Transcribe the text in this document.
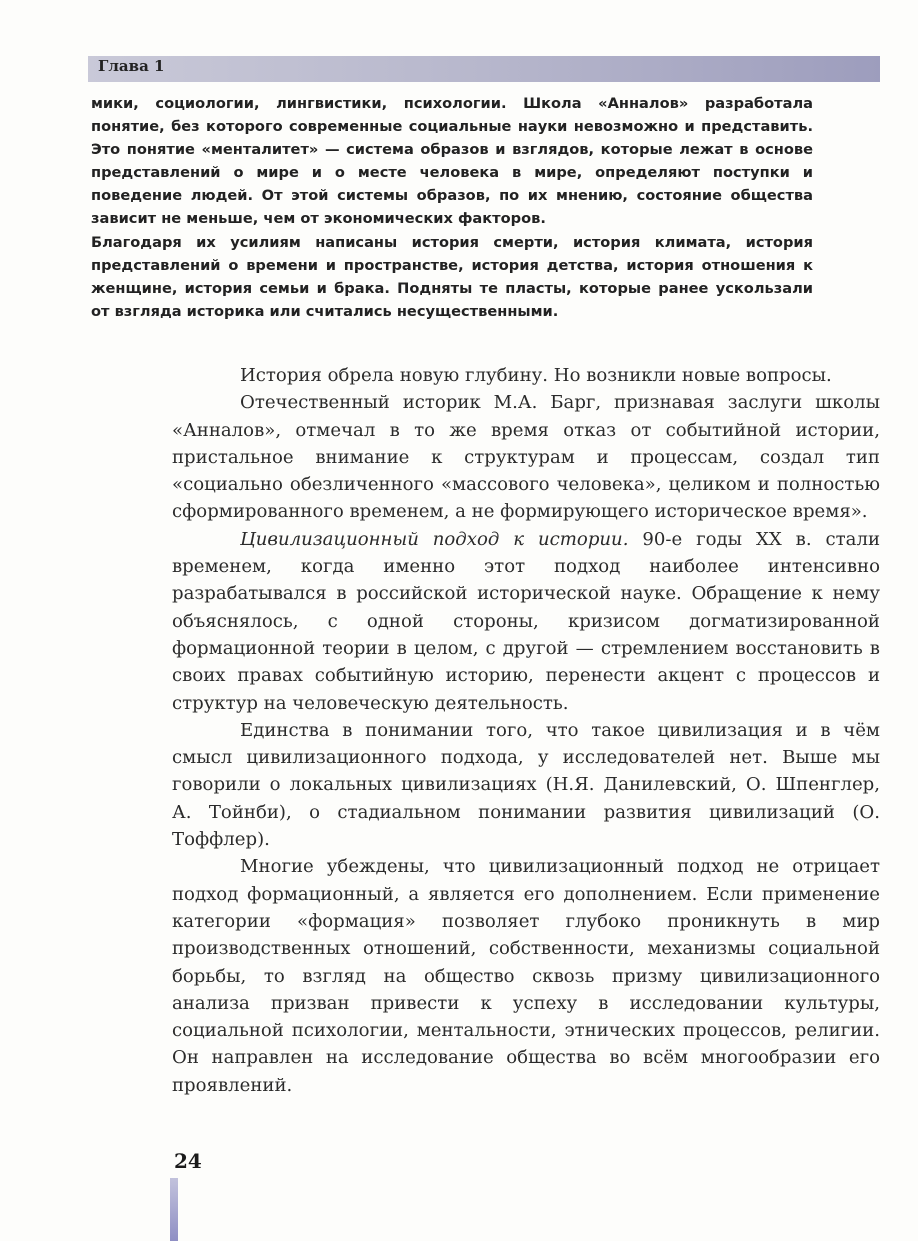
Глава 1

мики, социологии, лингвистики, психологии. Школа «Анналов» разработала понятие, без которого современные социальные науки невозможно и представить. Это понятие «менталитет» — система образов и взглядов, которые лежат в основе представлений о мире и о месте человека в мире, определяют поступки и поведение людей. От этой системы образов, по их мнению, состояние общества зависит не меньше, чем от экономических факторов.

Благодаря их усилиям написаны история смерти, история климата, история представлений о времени и пространстве, история детства, история отношения к женщине, история семьи и брака. Подняты те пласты, которые ранее ускользали от взгляда историка или считались несущественными.

История обрела новую глубину. Но возникли новые вопросы.

Отечественный историк М.А. Барг, признавая заслуги школы «Анналов», отмечал в то же время отказ от событийной истории, пристальное внимание к структурам и процессам, создал тип «социально обезличенного «массового человека», целиком и полностью сформированного временем, а не формирующего историческое время».

Цивилизационный подход к истории. 90-е годы XX в. стали временем, когда именно этот подход наиболее интенсивно разрабатывался в российской исторической науке. Обращение к нему объяснялось, с одной стороны, кризисом догматизированной формационной теории в целом, с другой — стремлением восстановить в своих правах событийную историю, перенести акцент с процессов и структур на человеческую деятельность.

Единства в понимании того, что такое цивилизация и в чём смысл цивилизационного подхода, у исследователей нет. Выше мы говорили о локальных цивилизациях (Н.Я. Данилевский, О. Шпенглер, А. Тойнби), о стадиальном понимании развития цивилизаций (О. Тоффлер).

Многие убеждены, что цивилизационный подход не отрицает подход формационный, а является его дополнением. Если применение категории «формация» позволяет глубоко проникнуть в мир производственных отношений, собственности, механизмы социальной борьбы, то взгляд на общество сквозь призму цивилизационного анализа призван привести к успеху в исследовании культуры, социальной психологии, ментальности, этнических процессов, религии. Он направлен на исследование общества во всём многообразии его проявлений.

24
